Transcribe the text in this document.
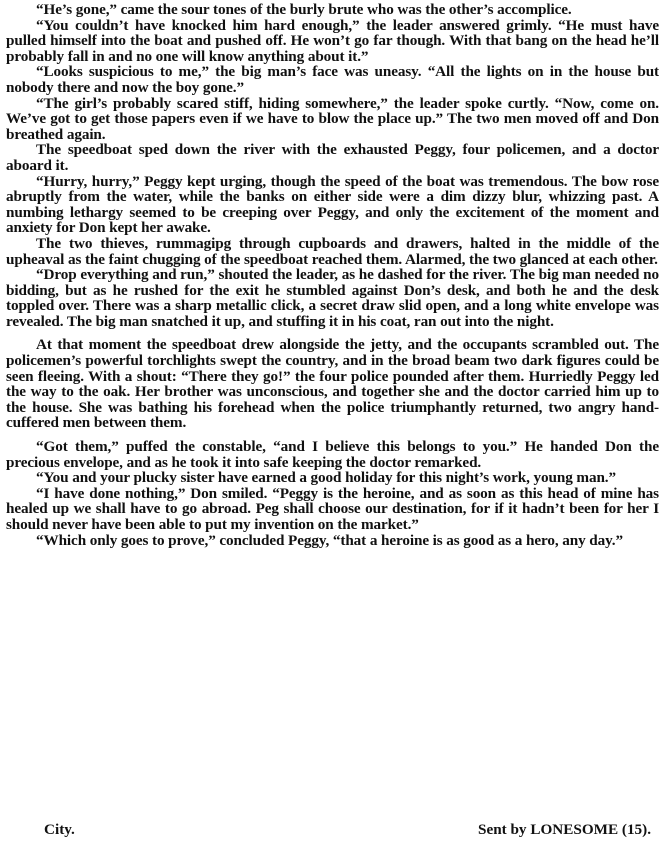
“He’s gone,” came the sour tones of the burly brute who was the other’s accomplice.

“You couldn’t have knocked him hard enough,” the leader answered grimly. “He must have pulled himself into the boat and pushed off. He won’t go far though. With that bang on the head he’ll probably fall in and no one will know anything about it.”

“Looks suspicious to me,” the big man’s face was uneasy. “All the lights on in the house but nobody there and now the boy gone.”

“The girl’s probably scared stiff, hiding somewhere,” the leader spoke curtly. “Now, come on. We’ve got to get those papers even if we have to blow the place up.” The two men moved off and Don breathed again.

The speedboat sped down the river with the exhausted Peggy, four policemen, and a doctor aboard it.

“Hurry, hurry,” Peggy kept urging, though the speed of the boat was tremendous. The bow rose abruptly from the water, while the banks on either side were a dim dizzy blur, whizzing past. A numbing lethargy seemed to be creeping over Peggy, and only the excitement of the moment and anxiety for Don kept her awake.

The two thieves, rummagipg through cupboards and drawers, halted in the middle of the upheaval as the faint chugging of the speedboat reached them. Alarmed, the two glanced at each other.

“Drop everything and run,” shouted the leader, as he dashed for the river. The big man needed no bidding, but as he rushed for the exit he stumbled against Don’s desk, and both he and the desk toppled over. There was a sharp metallic click, a secret draw slid open, and a long white envelope was revealed. The big man snatched it up, and stuffing it in his coat, ran out into the night.

At that moment the speedboat drew alongside the jetty, and the occupants scrambled out. The policemen’s powerful torchlights swept the country, and in the broad beam two dark figures could be seen fleeing. With a shout: “There they go!” the four police pounded after them. Hurriedly Peggy led the way to the oak. Her brother was unconscious, and together she and the doctor carried him up to the house. She was bathing his forehead when the police triumphantly returned, two angry hand-cuffered men between them.

“Got them,” puffed the constable, “and I believe this belongs to you.” He handed Don the precious envelope, and as he took it into safe keeping the doctor remarked.

“You and your plucky sister have earned a good holiday for this night’s work, young man.”

“I have done nothing,” Don smiled. “Peggy is the heroine, and as soon as this head of mine has healed up we shall have to go abroad. Peg shall choose our destination, for if it hadn’t been for her I should never have been able to put my invention on the market.”

“Which only goes to prove,” concluded Peggy, “that a heroine is as good as a hero, any day.”

City.	Sent by LONESOME (15).
